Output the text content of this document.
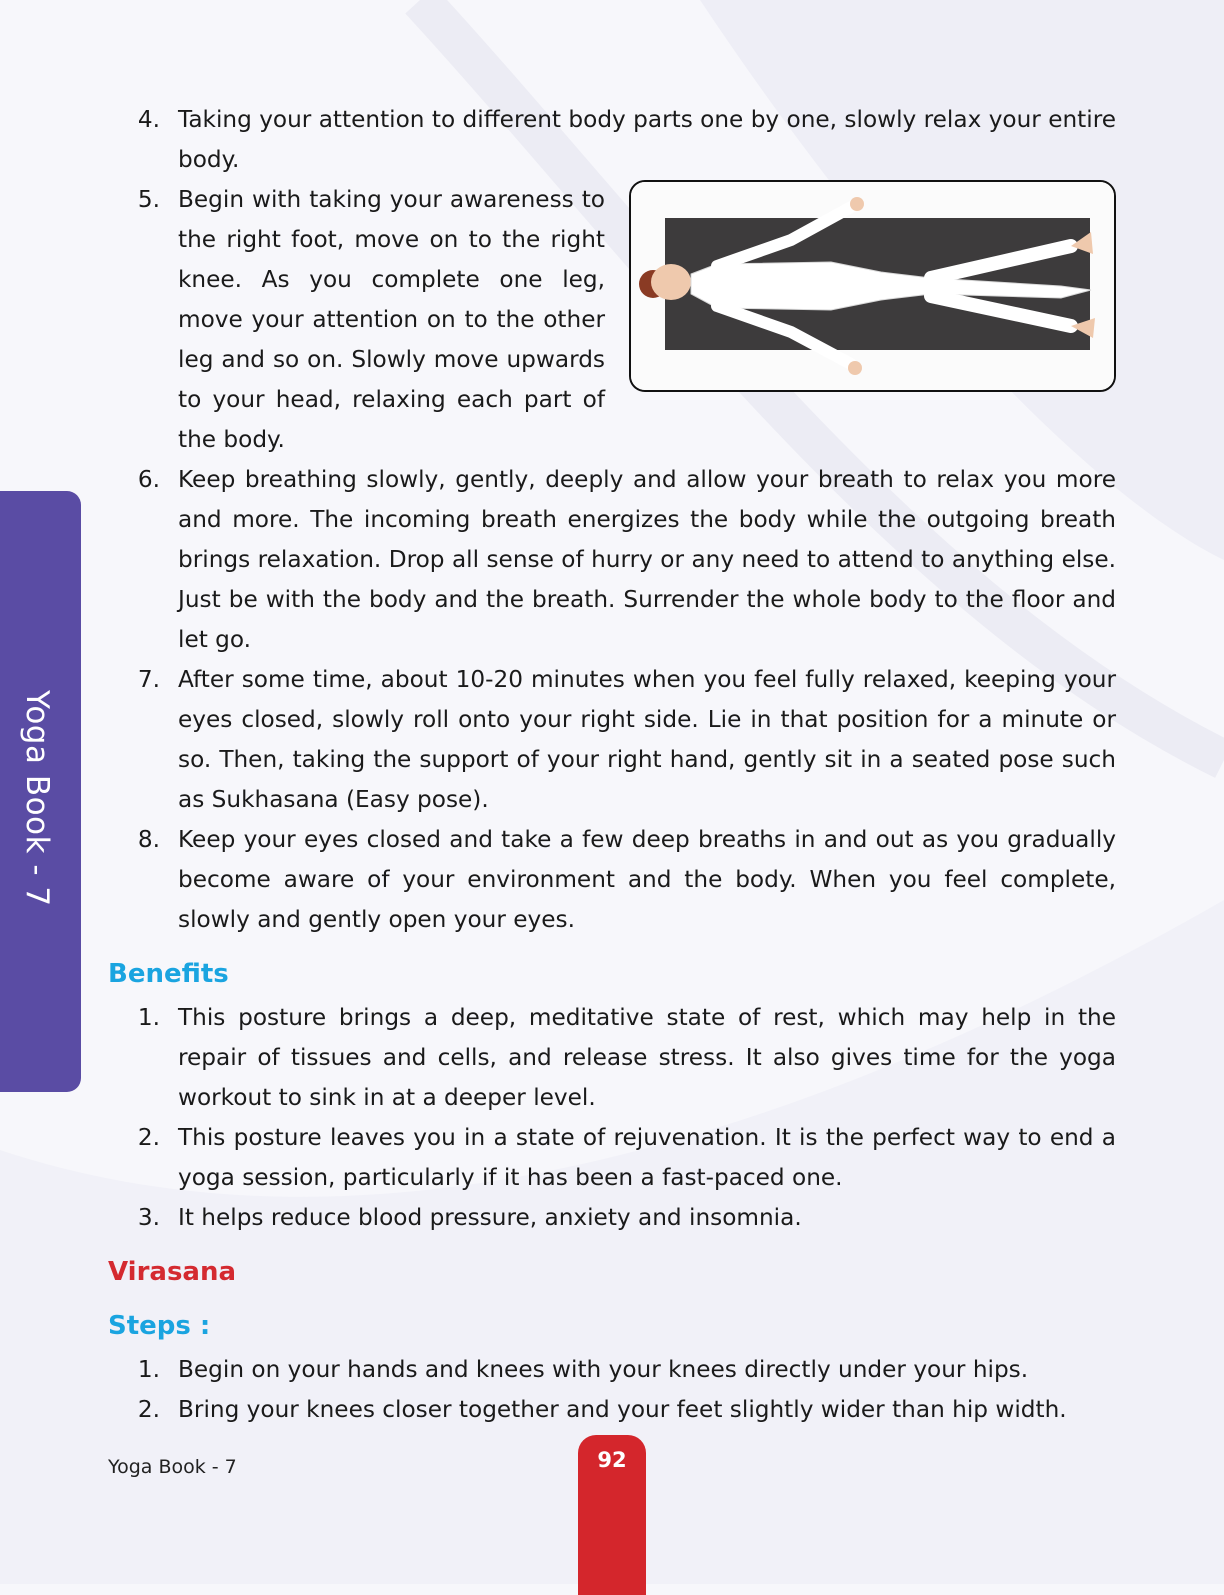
Yoga Book - 7
4. Taking your attention to different body parts one by one, slowly relax your entire body.
5. Begin with taking your awareness to the right foot, move on to the right knee. As you complete one leg, move your attention on to the other leg and so on. Slowly move upwards to your head, relaxing each part of the body.
6. Keep breathing slowly, gently, deeply and allow your breath to relax you more and more. The incoming breath energizes the body while the outgoing breath brings relaxation. Drop all sense of hurry or any need to attend to anything else. Just be with the body and the breath. Surrender the whole body to the floor and let go.
7. After some time, about 10-20 minutes when you feel fully relaxed, keeping your eyes closed, slowly roll onto your right side. Lie in that position for a minute or so. Then, taking the support of your right hand, gently sit in a seated pose such as Sukhasana (Easy pose).
8. Keep your eyes closed and take a few deep breaths in and out as you gradually become aware of your environment and the body. When you feel complete, slowly and gently open your eyes.
Benefits
1. This posture brings a deep, meditative state of rest, which may help in the repair of tissues and cells, and release stress. It also gives time for the yoga workout to sink in at a deeper level.
2. This posture leaves you in a state of rejuvenation. It is the perfect way to end a yoga session, particularly if it has been a fast-paced one.
3. It helps reduce blood pressure, anxiety and insomnia.
Virasana
Steps :
1. Begin on your hands and knees with your knees directly under your hips.
2. Bring your knees closer together and your feet slightly wider than hip width.
Yoga Book - 7	92
